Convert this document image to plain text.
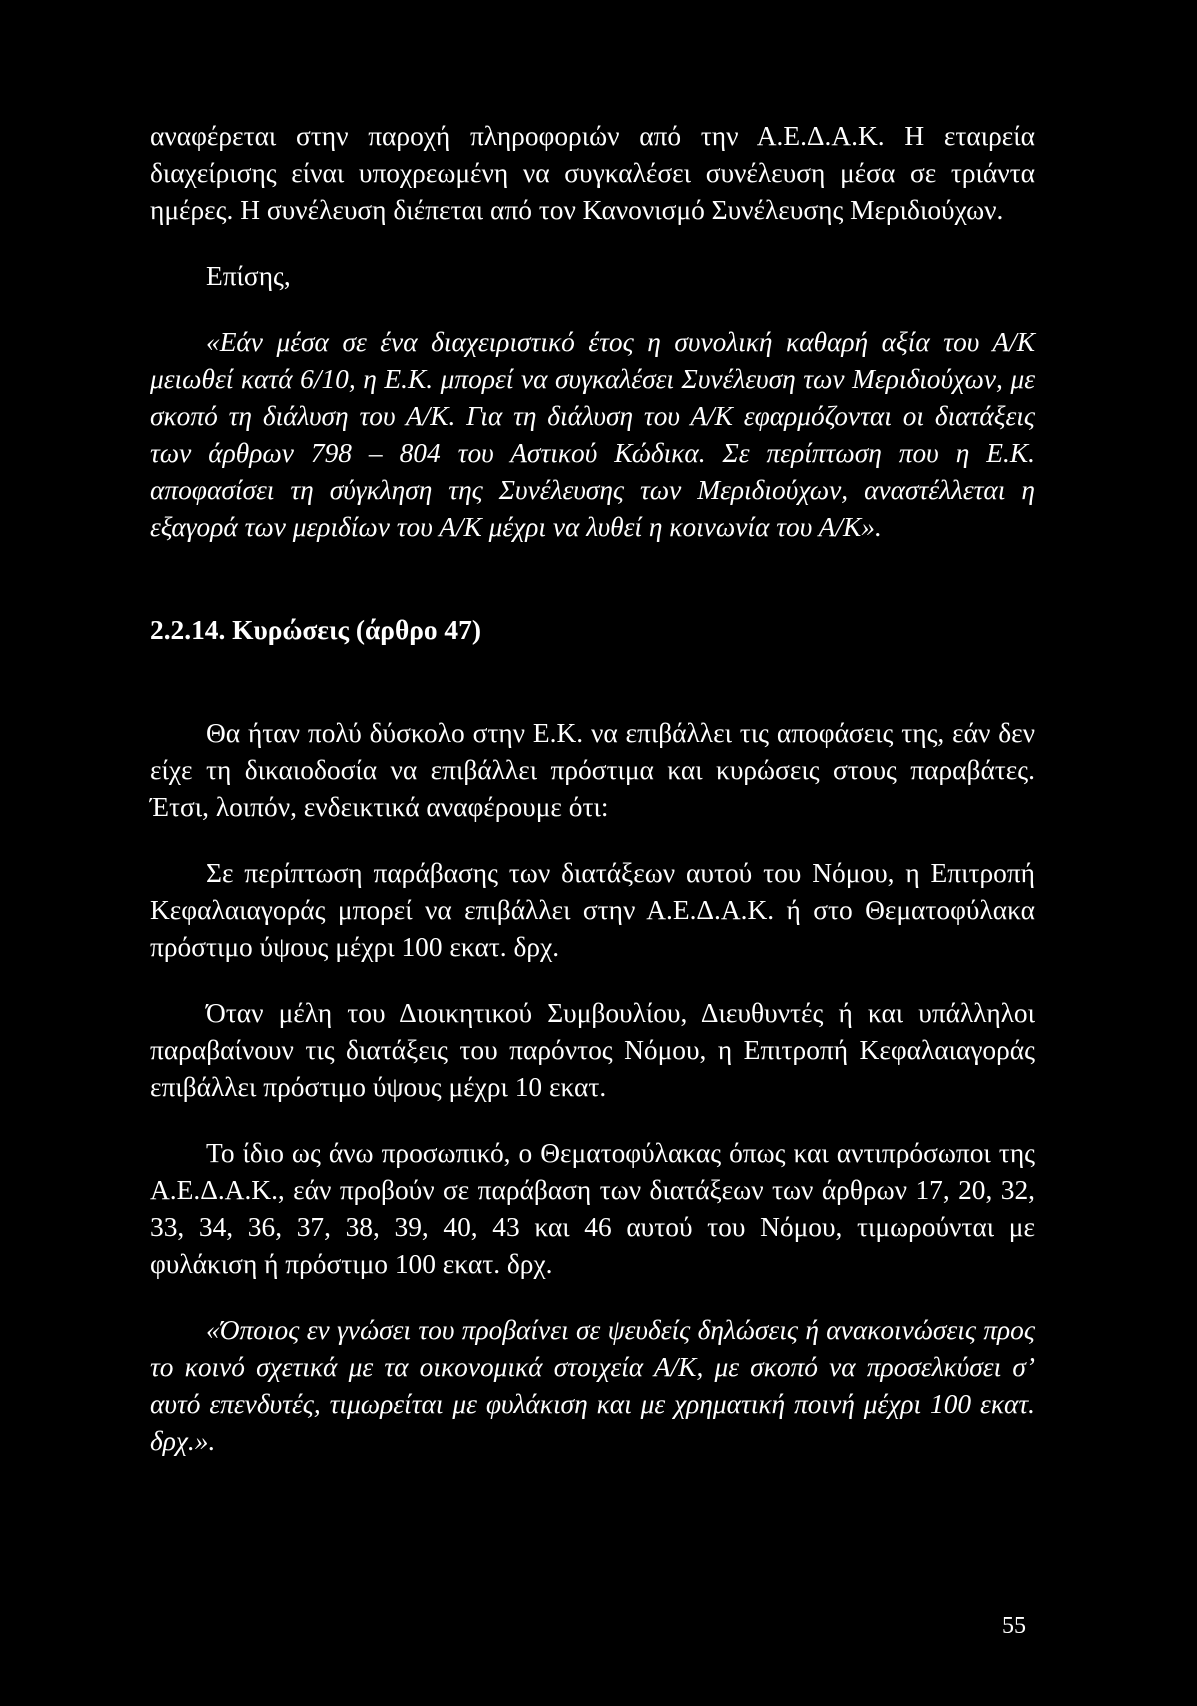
αναφέρεται στην παροχή πληροφοριών από την Α.Ε.Δ.Α.Κ. Η εταιρεία διαχείρισης είναι υποχρεωμένη να συγκαλέσει συνέλευση μέσα σε τριάντα ημέρες. Η συνέλευση διέπεται από τον Κανονισμό Συνέλευσης Μεριδιούχων.

Επίσης,

«Εάν μέσα σε ένα διαχειριστικό έτος η συνολική καθαρή αξία του Α/Κ μειωθεί κατά 6/10, η Ε.Κ. μπορεί να συγκαλέσει Συνέλευση των Μεριδιούχων, με σκοπό τη διάλυση του Α/Κ. Για τη διάλυση του Α/Κ εφαρμόζονται οι διατάξεις των άρθρων 798 – 804 του Αστικού Κώδικα. Σε περίπτωση που η Ε.Κ. αποφασίσει τη σύγκληση της Συνέλευσης των Μεριδιούχων, αναστέλλεται η εξαγορά των μεριδίων του Α/Κ μέχρι να λυθεί η κοινωνία του Α/Κ».

2.2.14. Κυρώσεις (άρθρο 47)

Θα ήταν πολύ δύσκολο στην Ε.Κ. να επιβάλλει τις αποφάσεις της, εάν δεν είχε τη δικαιοδοσία να επιβάλλει πρόστιμα και κυρώσεις στους παραβάτες. Έτσι, λοιπόν, ενδεικτικά αναφέρουμε ότι:

Σε περίπτωση παράβασης των διατάξεων αυτού του Νόμου, η Επιτροπή Κεφαλαιαγοράς μπορεί να επιβάλλει στην Α.Ε.Δ.Α.Κ. ή στο Θεματοφύλακα πρόστιμο ύψους μέχρι 100 εκατ. δρχ.

Όταν μέλη του Διοικητικού Συμβουλίου, Διευθυντές ή και υπάλληλοι παραβαίνουν τις διατάξεις του παρόντος Νόμου, η Επιτροπή Κεφαλαιαγοράς επιβάλλει πρόστιμο ύψους μέχρι 10 εκατ.

Το ίδιο ως άνω προσωπικό, ο Θεματοφύλακας όπως και αντιπρόσωποι της Α.Ε.Δ.Α.Κ., εάν προβούν σε παράβαση των διατάξεων των άρθρων 17, 20, 32, 33, 34, 36, 37, 38, 39, 40, 43 και 46 αυτού του Νόμου, τιμωρούνται με φυλάκιση ή πρόστιμο 100 εκατ. δρχ.

«Όποιος εν γνώσει του προβαίνει σε ψευδείς δηλώσεις ή ανακοινώσεις προς το κοινό σχετικά με τα οικονομικά στοιχεία Α/Κ, με σκοπό να προσελκύσει σ’ αυτό επενδυτές, τιμωρείται με φυλάκιση και με χρηματική ποινή μέχρι 100 εκατ. δρχ.».

55
